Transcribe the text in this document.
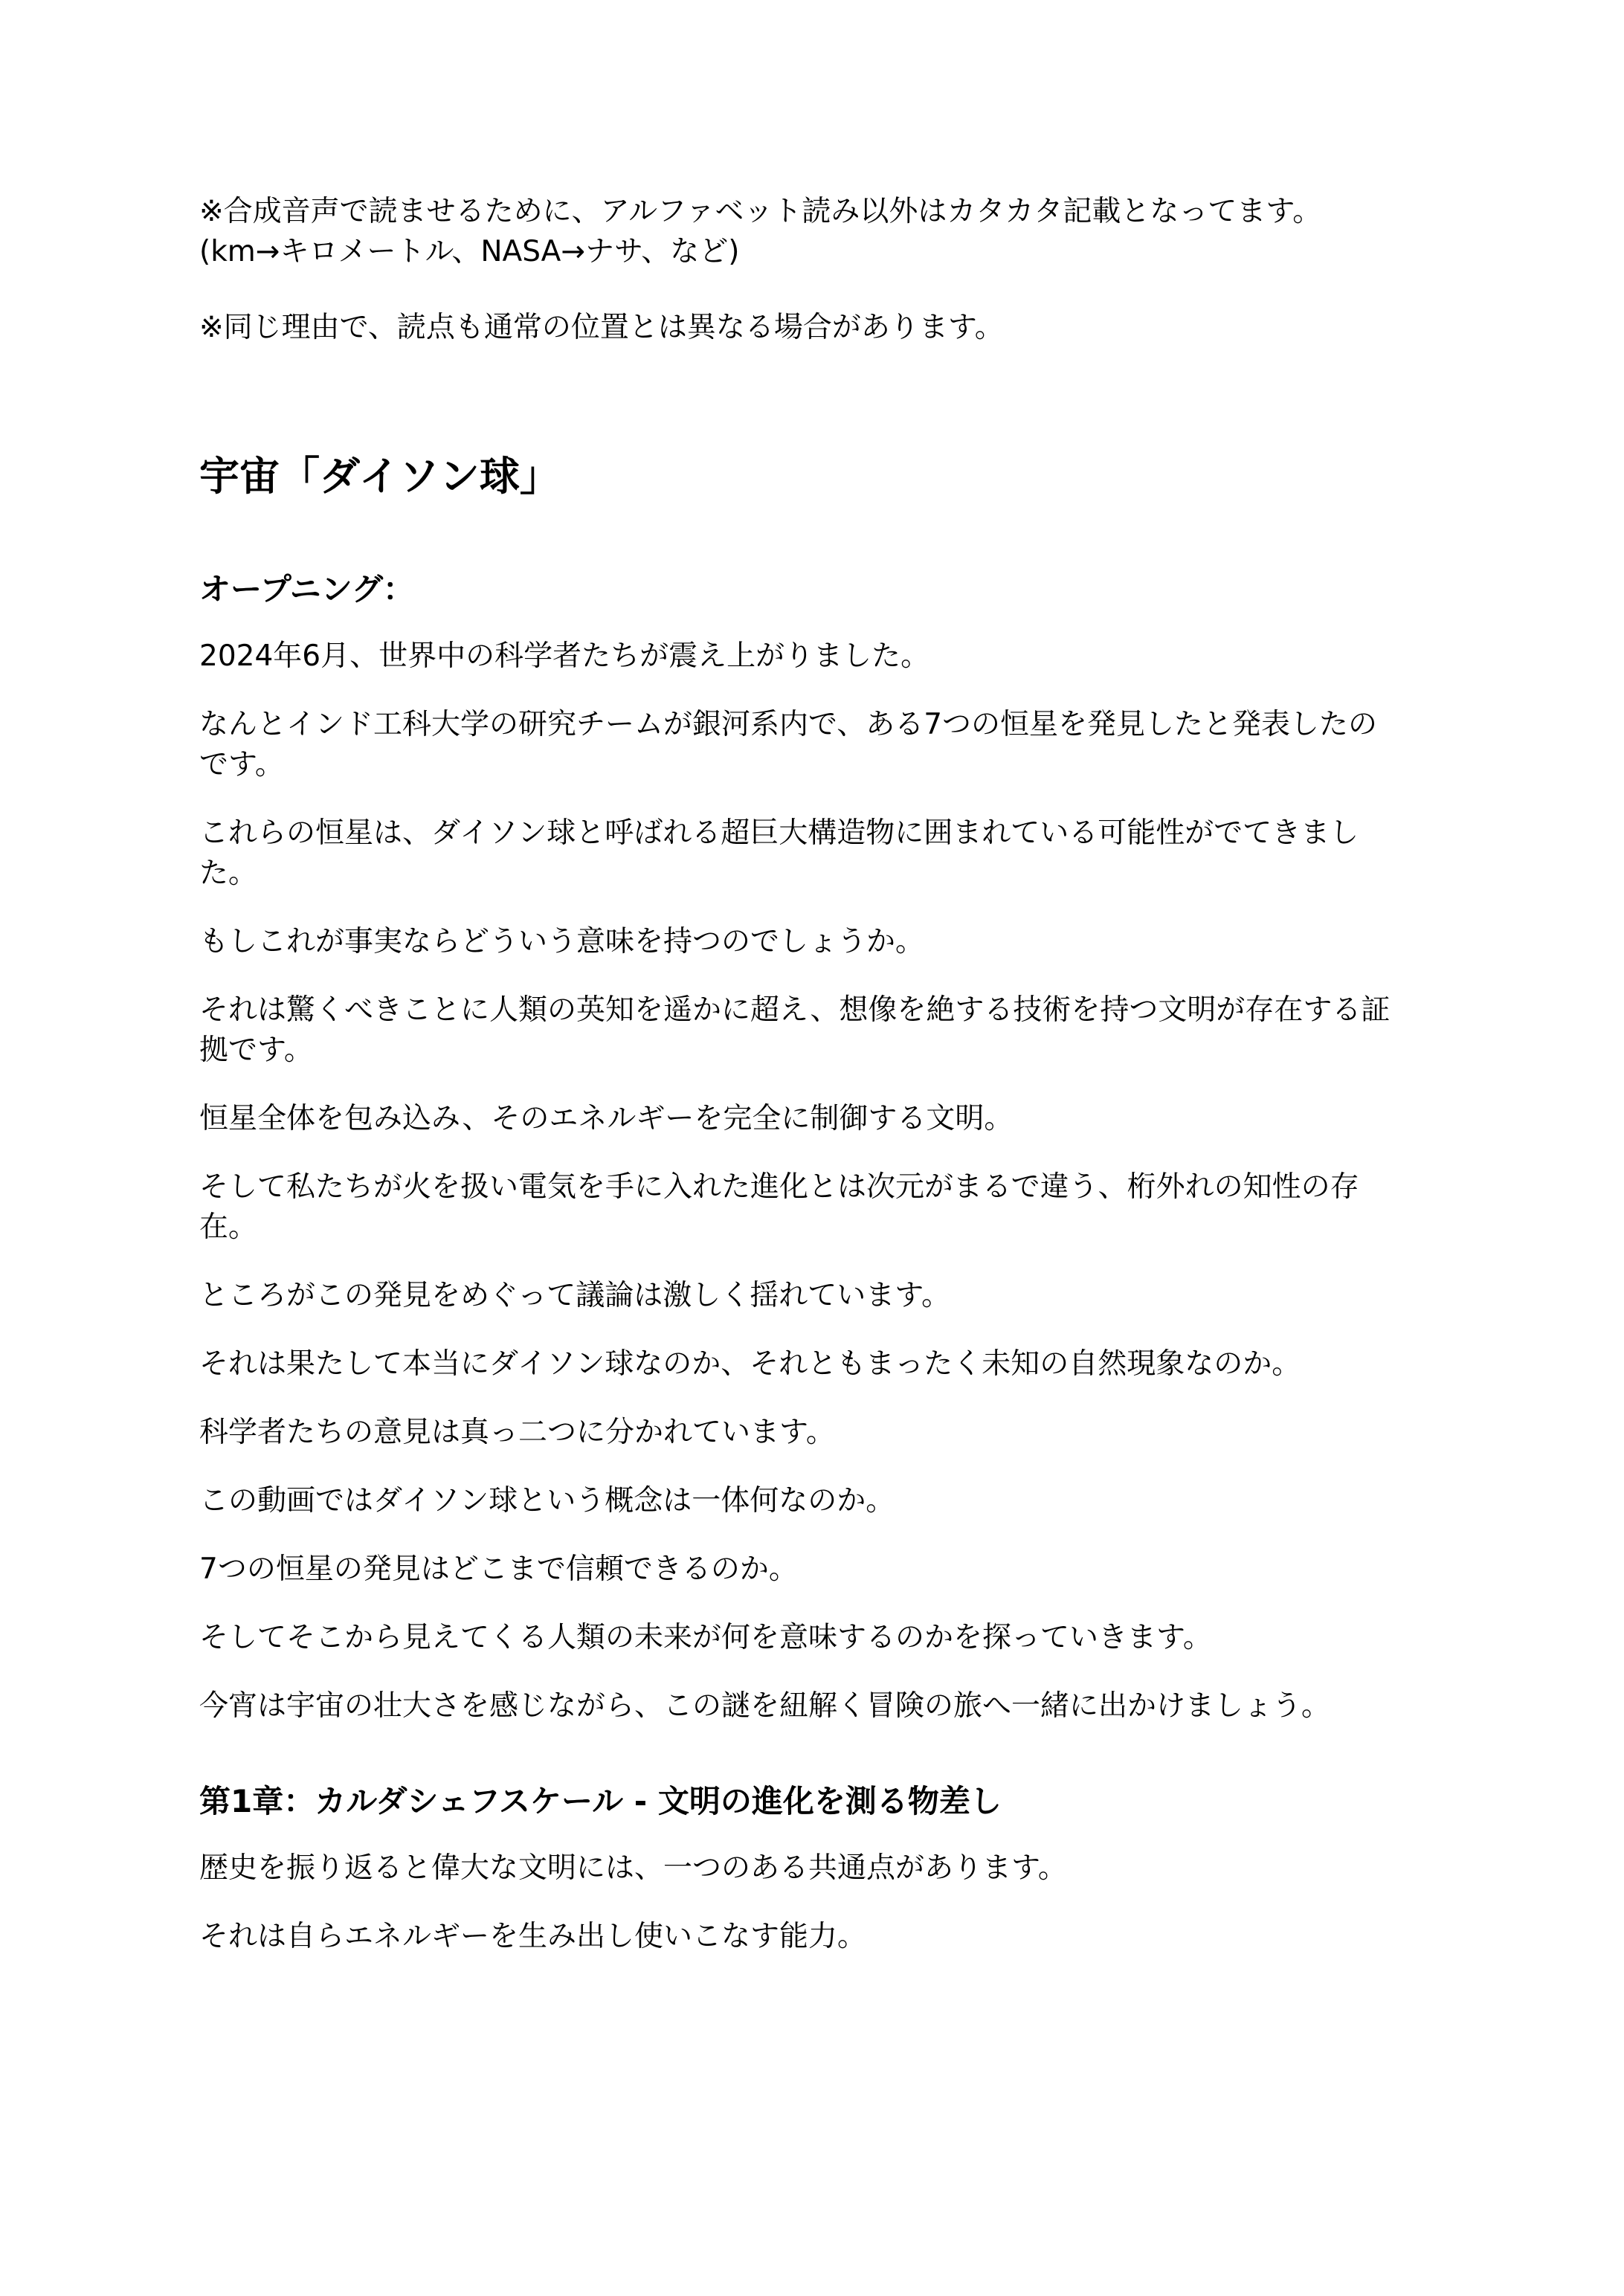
※合成音声で読ませるために、アルファベット読み以外はカタカタ記載となってます。

(km→キロメートル、NASA→ナサ、など)

※同じ理由で、読点も通常の位置とは異なる場合があります。

宇宙「ダイソン球」
オープニング：

2024年6月、世界中の科学者たちが震え上がりました。

なんとインド工科大学の研究チームが銀河系内で、ある7つの恒星を発見したと発表したの
です。

これらの恒星は、ダイソン球と呼ばれる超巨大構造物に囲まれている可能性がでてきまし
た。

もしこれが事実ならどういう意味を持つのでしょうか。

それは驚くべきことに人類の英知を遥かに超え、想像を絶する技術を持つ文明が存在する証
拠です。

恒星全体を包み込み、そのエネルギーを完全に制御する文明。

そして私たちが火を扱い電気を手に入れた進化とは次元がまるで違う、桁外れの知性の存
在。

ところがこの発見をめぐって議論は激しく揺れています。

それは果たして本当にダイソン球なのか、それともまったく未知の自然現象なのか。

科学者たちの意見は真っ二つに分かれています。

この動画ではダイソン球という概念は一体何なのか。

7つの恒星の発見はどこまで信頼できるのか。

そしてそこから見えてくる人類の未来が何を意味するのかを探っていきます。

今宵は宇宙の壮大さを感じながら、この謎を紐解く冒険の旅へ一緒に出かけましょう。

第1章：カルダシェフスケール - 文明の進化を測る物差し

歴史を振り返ると偉大な文明には、一つのある共通点があります。

それは自らエネルギーを生み出し使いこなす能力。
